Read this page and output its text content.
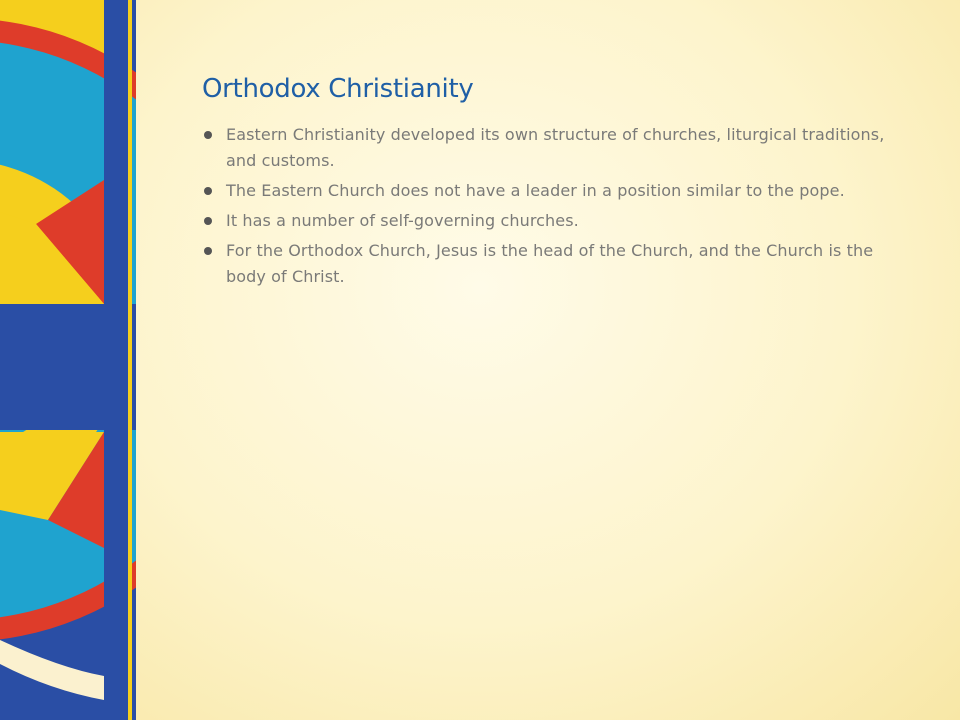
Orthodox Christianity
Eastern Christianity developed its own structure of churches, liturgical traditions, and customs.
The Eastern Church does not have a leader in a position similar to the pope.
It has a number of self-governing churches.
For the Orthodox Church, Jesus is the head of the Church, and the Church is the body of Christ.
